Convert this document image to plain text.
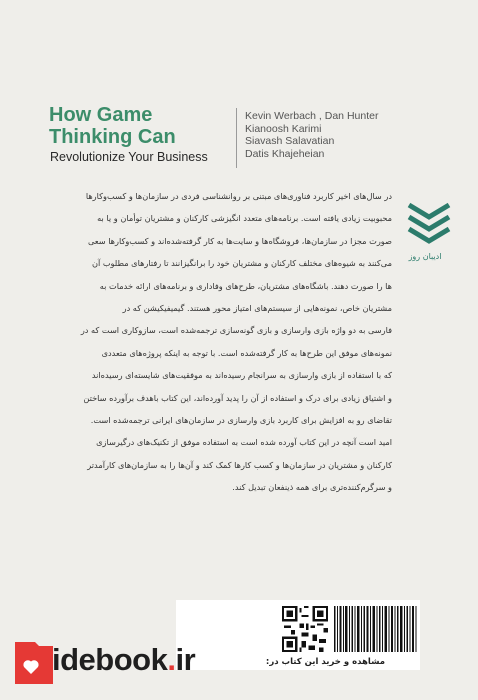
How Game Thinking Can
Revolutionize Your Business
Kevin Werbach , Dan Hunter
Kianoosh Karimi
Siavash Salavatian
Datis Khajeheian
ادیبان روز
در سال‌های اخیر کاربرد فناوری‌های مبتنی بر روانشناسی فردی در سازمان‌ها و کسب‌وکارها
محبوبیت زیادی یافته است. برنامه‌های متعدد انگیزشی کارکنان و مشتریان توأمان و یا به
صورت مجزا در سازمان‌ها، فروشگاه‌ها و سایت‌ها به کار گرفته‌شده‌اند و کسب‌وکارها سعی
می‌کنند به شیوه‌های مختلف کارکنان و مشتریان خود را برانگیزانند تا رفتارهای مطلوب آن
ها را صورت دهند. باشگاه‌های مشتریان، طرح‌های وفاداری و برنامه‌های ارائه خدمات به
مشتریان خاص، نمونه‌هایی از سیستم‌های امتیاز محور هستند. گیمیفیکیشن که در
فارسی به دو واژه بازی وارسازی و بازی گونه‌سازی ترجمه‌شده است، سازوکاری است که در
نمونه‌های موفق این طرح‌ها به کار گرفته‌شده است. با توجه به اینکه پروژه‌های متعددی
که با استفاده از بازی وارسازی به سرانجام رسیده‌اند به موفقیت‌های شایسته‌ای رسیده‌اند
و اشتیاق زیادی برای درک و استفاده از آن را پدید آورده‌اند، این کتاب باهدف برآورده ساختن
تقاضای رو به افزایش برای کاربرد بازی وارسازی در سازمان‌های ایرانی ترجمه‌شده است.
امید است آنچه در این کتاب آورده شده است به استفاده موفق از تکنیک‌های درگیرسازی
کارکنان و مشتریان در سازمان‌ها و کسب کارها کمک کند و آن‌ها را به سازمان‌های کارآمدتر
و سرگرم‌کننده‌تری برای همه ذینفعان تبدیل کند.
مشاهده و خرید این کتاب در:
idebook.ir
